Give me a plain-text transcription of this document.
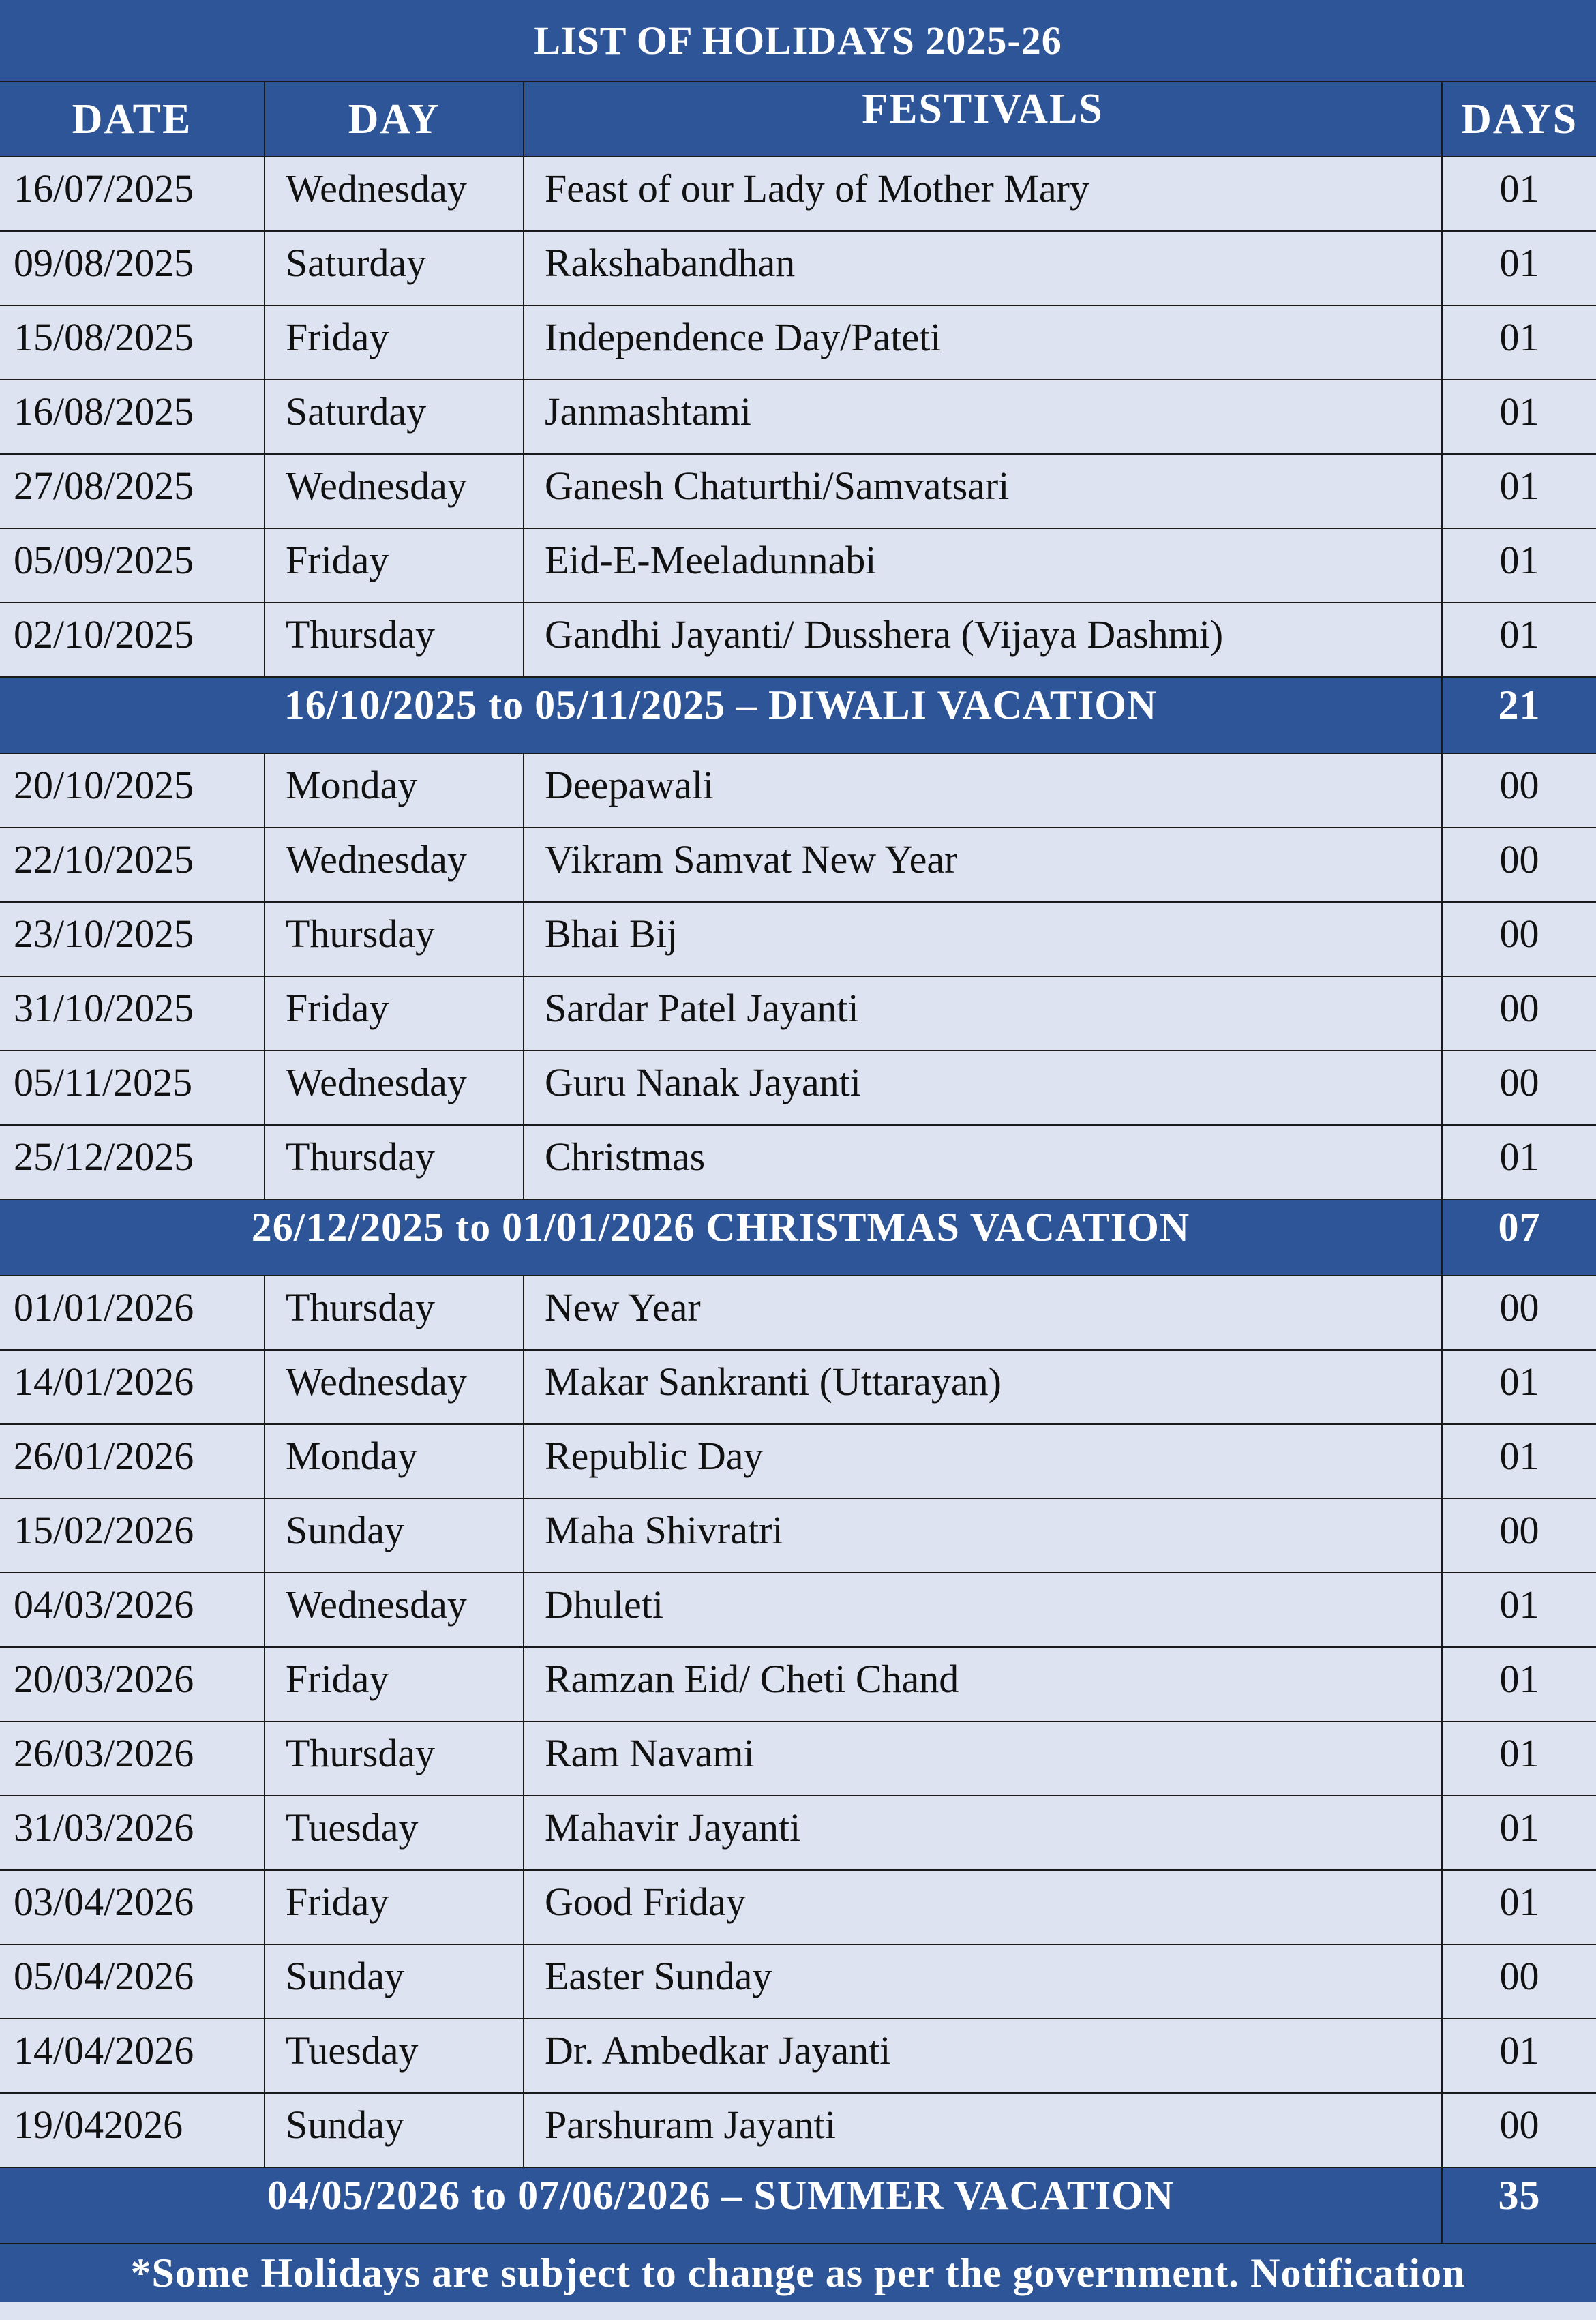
LIST OF HOLIDAYS 2025-26			
DATE	DAY	FESTIVALS	DAYS
16/07/2025	Wednesday	Feast of our Lady of Mother Mary	01
09/08/2025	Saturday	Rakshabandhan	01
15/08/2025	Friday	Independence Day/Pateti	01
16/08/2025	Saturday	Janmashtami	01
27/08/2025	Wednesday	Ganesh Chaturthi/Samvatsari	01
05/09/2025	Friday	Eid-E-Meeladunnabi	01
02/10/2025	Thursday	Gandhi Jayanti/ Dusshera (Vijaya Dashmi)	01
16/10/2025 to 05/11/2025 – DIWALI VACATION			21
20/10/2025	Monday	Deepawali	00
22/10/2025	Wednesday	Vikram Samvat New Year	00
23/10/2025	Thursday	Bhai Bij	00
31/10/2025	Friday	Sardar Patel Jayanti	00
05/11/2025	Wednesday	Guru Nanak Jayanti	00
25/12/2025	Thursday	Christmas	01
26/12/2025 to 01/01/2026 CHRISTMAS VACATION			07
01/01/2026	Thursday	New Year	00
14/01/2026	Wednesday	Makar Sankranti (Uttarayan)	01
26/01/2026	Monday	Republic Day	01
15/02/2026	Sunday	Maha Shivratri	00
04/03/2026	Wednesday	Dhuleti	01
20/03/2026	Friday	Ramzan Eid/ Cheti Chand	01
26/03/2026	Thursday	Ram Navami	01
31/03/2026	Tuesday	Mahavir Jayanti	01
03/04/2026	Friday	Good Friday	01
05/04/2026	Sunday	Easter Sunday	00
14/04/2026	Tuesday	Dr. Ambedkar Jayanti	01
19/042026	Sunday	Parshuram Jayanti	00
04/05/2026 to 07/06/2026 – SUMMER VACATION			35
*Some Holidays are subject to change as per the government. Notification			
